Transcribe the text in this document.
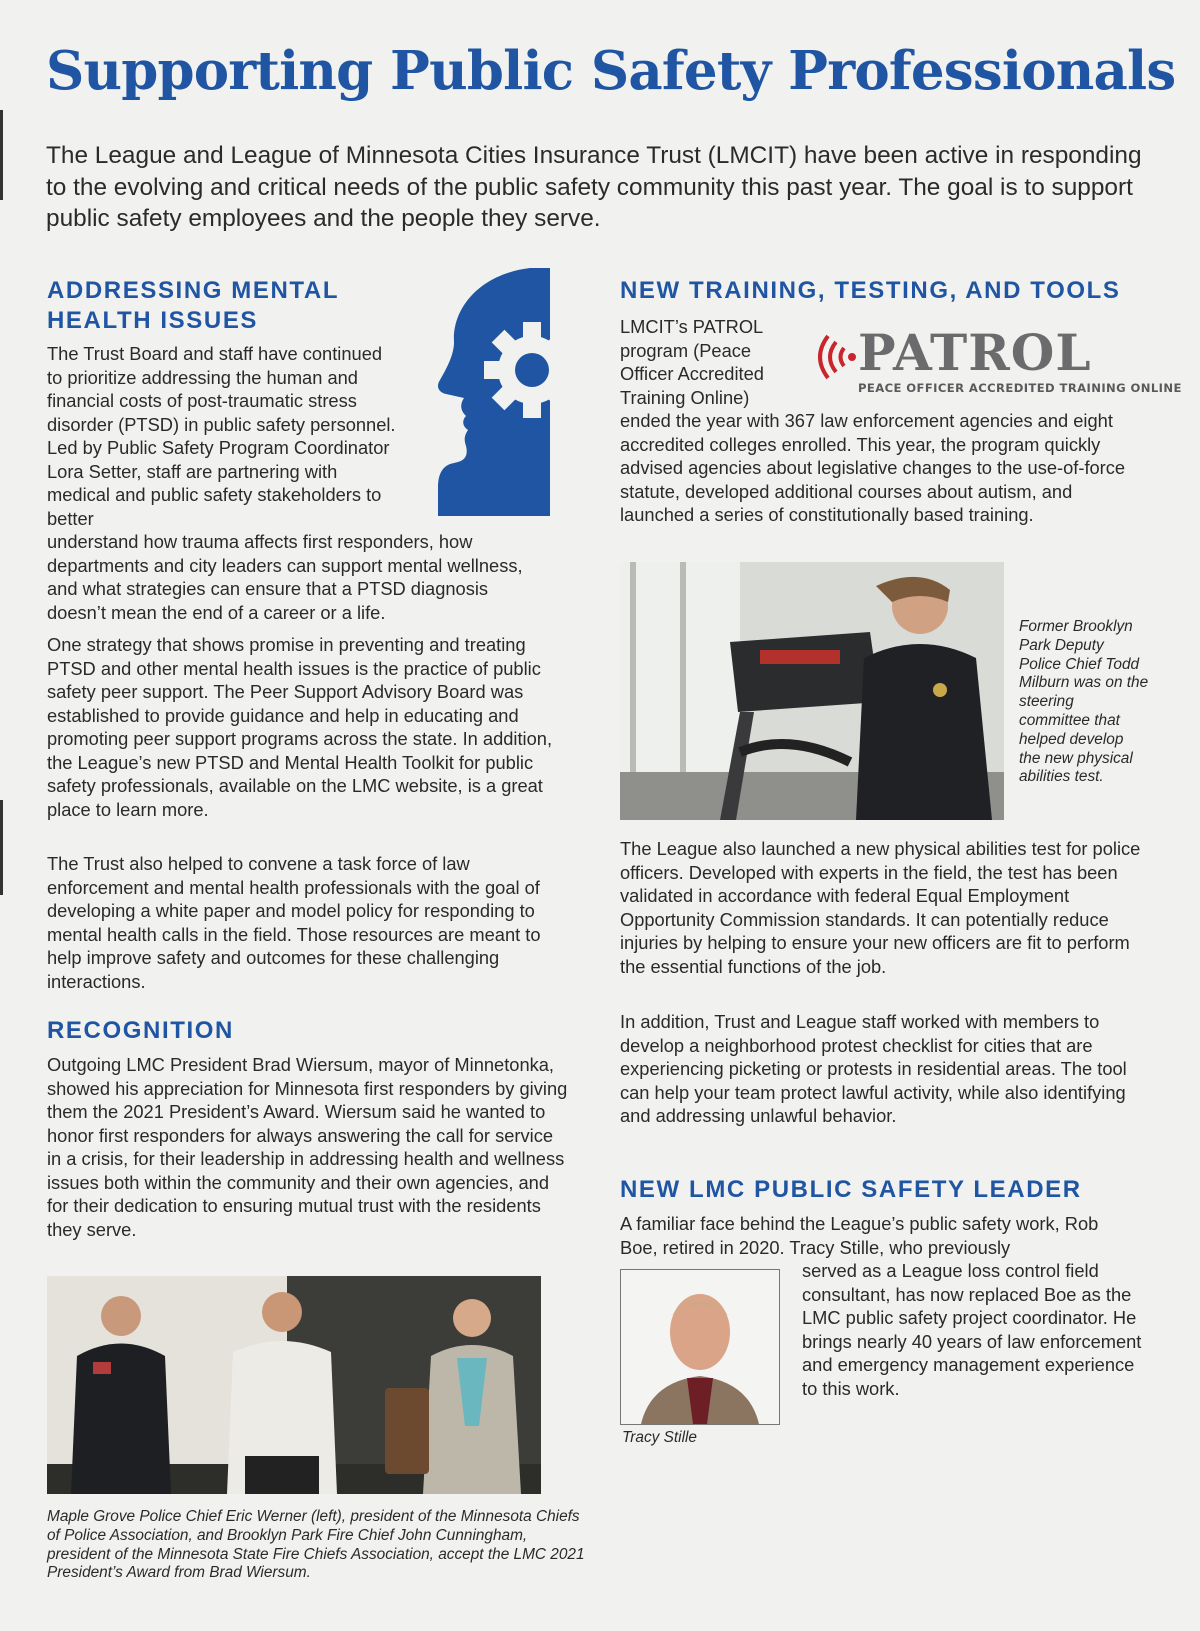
Supporting Public Safety Professionals

The League and League of Minnesota Cities Insurance Trust (LMCIT) have been active in responding to the evolving and critical needs of the public safety community this past year. The goal is to support public safety employees and the people they serve.

ADDRESSING MENTAL
HEALTH ISSUES

The Trust Board and staff have continued to prioritize addressing the human and financial costs of post-traumatic stress disorder (PTSD) in public safety personnel. Led by Public Safety Program Coordinator Lora Setter, staff are partnering with medical and public safety stakeholders to better

understand how trauma affects first responders, how departments and city leaders can support mental wellness, and what strategies can ensure that a PTSD diagnosis doesn’t mean the end of a career or a life.

One strategy that shows promise in preventing and treating PTSD and other mental health issues is the practice of public safety peer support. The Peer Support Advisory Board was established to provide guidance and help in educating and promoting peer support programs across the state. In addition, the League’s new PTSD and Mental Health Toolkit for public safety professionals, available on the LMC website, is a great place to learn more.

The Trust also helped to convene a task force of law enforcement and mental health professionals with the goal of developing a white paper and model policy for responding to mental health calls in the field. Those resources are meant to help improve safety and outcomes for these challenging interactions.

RECOGNITION

Outgoing LMC President Brad Wiersum, mayor of Minnetonka, showed his appreciation for Minnesota first responders by giving them the 2021 President’s Award. Wiersum said he wanted to honor first responders for always answering the call for service in a crisis, for their leadership in addressing health and wellness issues both within the community and their own agencies, and for their dedication to ensuring mutual trust with the residents they serve.

Maple Grove Police Chief Eric Werner (left), president of the Minnesota Chiefs of Police Association, and Brooklyn Park Fire Chief John Cunningham, president of the Minnesota State Fire Chiefs Association, accept the LMC 2021 President’s Award from Brad Wiersum.

NEW TRAINING, TESTING, AND TOOLS

LMCIT’s PATROL program (Peace Officer Accredited Training Online)

PATROL
PEACE OFFICER ACCREDITED TRAINING ONLINE

ended the year with 367 law enforcement agencies and eight accredited colleges enrolled. This year, the program quickly advised agencies about legislative changes to the use-of-force statute, developed additional courses about autism, and launched a series of constitutionally based training.

Former Brooklyn Park Deputy Police Chief Todd Milburn was on the steering committee that helped develop the new physical abilities test.

The League also launched a new physical abilities test for police officers. Developed with experts in the field, the test has been validated in accordance with federal Equal Employment Opportunity Commission standards. It can potentially reduce injuries by helping to ensure your new officers are fit to perform the essential functions of the job.

In addition, Trust and League staff worked with members to develop a neighborhood protest checklist for cities that are experiencing picketing or protests in residential areas. The tool can help your team protect lawful activity, while also identifying and addressing unlawful behavior.

NEW LMC PUBLIC SAFETY LEADER

A familiar face behind the League’s public safety work, Rob Boe, retired in 2020. Tracy Stille, who previously

Tracy Stille

served as a League loss control field consultant, has now replaced Boe as the LMC public safety project coordinator. He brings nearly 40 years of law enforcement and emergency management experience to this work.
